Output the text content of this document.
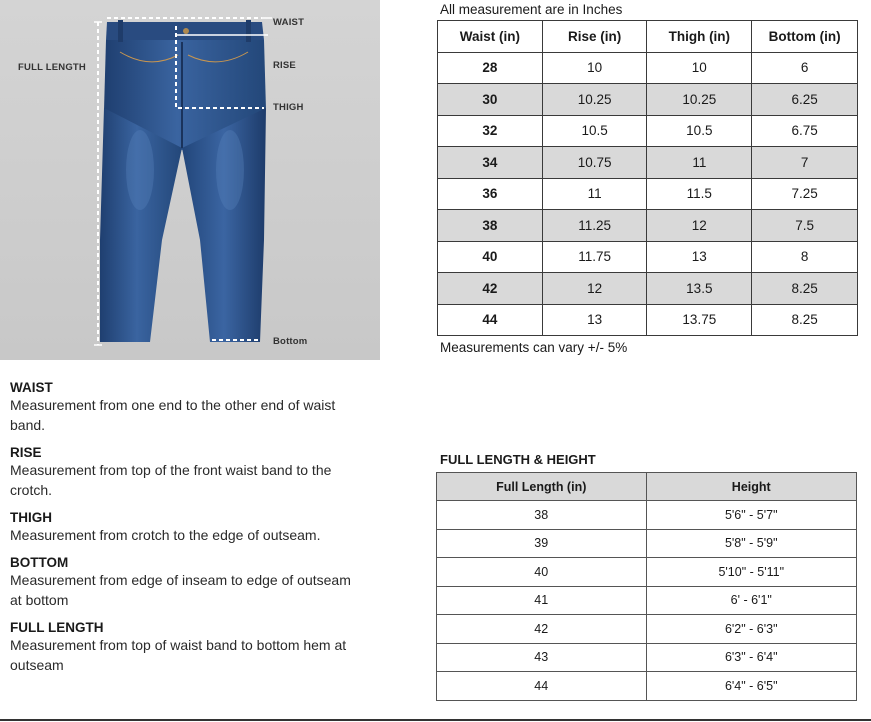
WAIST
FULL LENGTH	RISE
THIGH
Bottom
All measurement are in Inches
Waist (in)	Rise (in)	Thigh (in)	Bottom (in)
28	10	10	6
30	10.25	10.25	6.25
32	10.5	10.5	6.75
34	10.75	11	7
36	11	11.5	7.25
38	11.25	12	7.5
40	11.75	13	8
42	12	13.5	8.25
44	13	13.75	8.25
Measurements can vary +/- 5%

WAIST

Measurement from one end to the other end of waist band.

RISE

Measurement from top of the front waist band to the crotch.

THIGH

Measurement from crotch to the edge of outseam.

BOTTOM

Measurement from edge of inseam to edge of outseam at bottom

FULL LENGTH

Measurement from top of waist band to bottom hem at outseam

FULL LENGTH & HEIGHT
Full Length (in)	Height
38	5'6" - 5'7"
39	5'8" - 5'9"
40	5'10" - 5'11"
41	6' - 6'1"
42	6'2" - 6'3"
43	6'3" - 6'4"
44	6'4" - 6'5"
